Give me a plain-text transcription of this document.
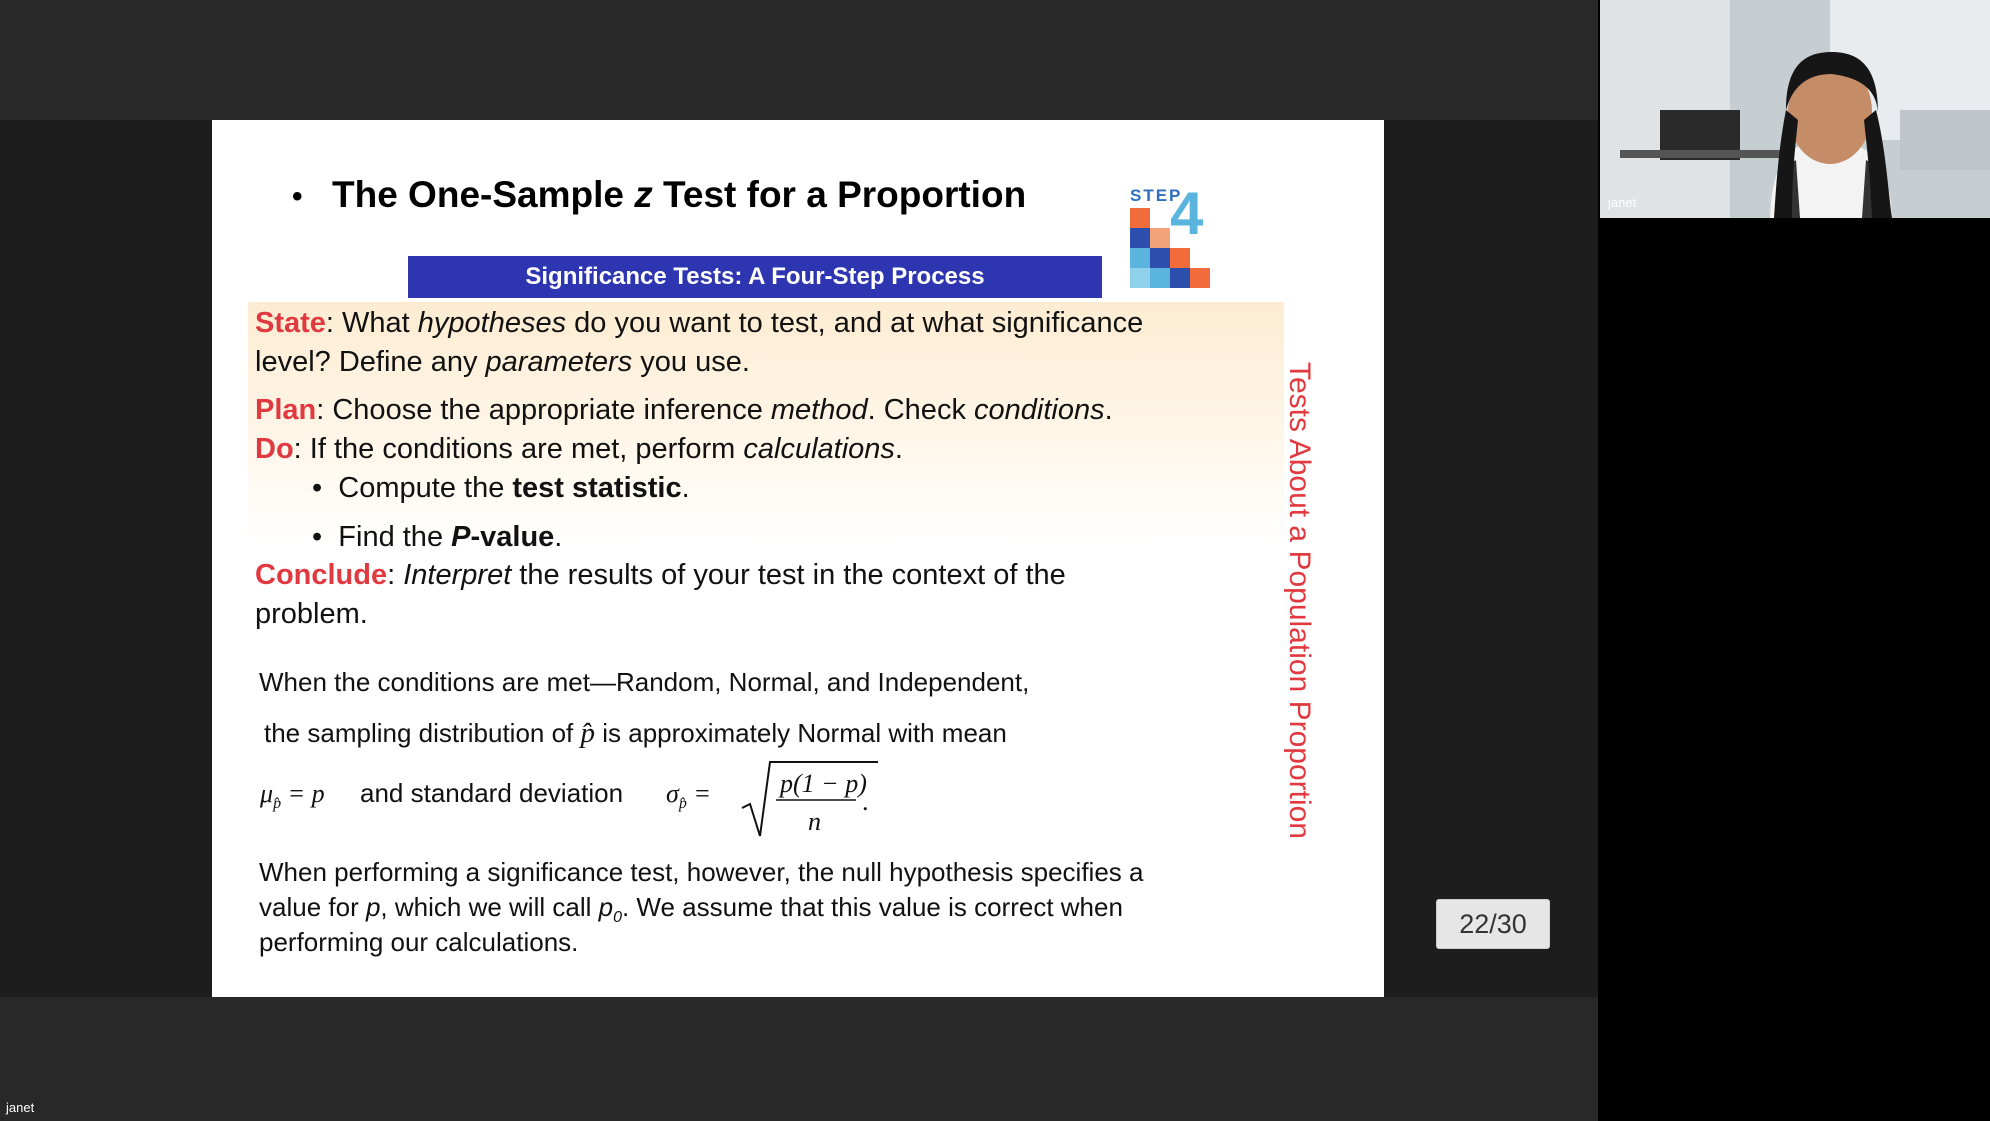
• The One-Sample z Test for a Proportion	STEP
4
Significance Tests: A Four-Step Process
State: What hypotheses do you want to test, and at what significance
level? Define any parameters you use.
Plan: Choose the appropriate inference method. Check conditions.
Do: If the conditions are met, perform calculations.
•  Compute the test statistic.
•  Find the P-value.
Conclude: Interpret the results of your test in the context of the
problem.
When the conditions are met—Random, Normal, and Independent,
the sampling distribution of p̂ is approximately Normal with mean
$\mu_{p̂} = p$ and standard deviation $\sigma_{p̂}$ =	p(1 − p)
n
.
When performing a significance test, however, the null hypothesis specifies a
value for p, which we will call $p_0$. We assume that this value is correct when
performing our calculations.
Tests About a Population Proportion
22/30
janet
janet
